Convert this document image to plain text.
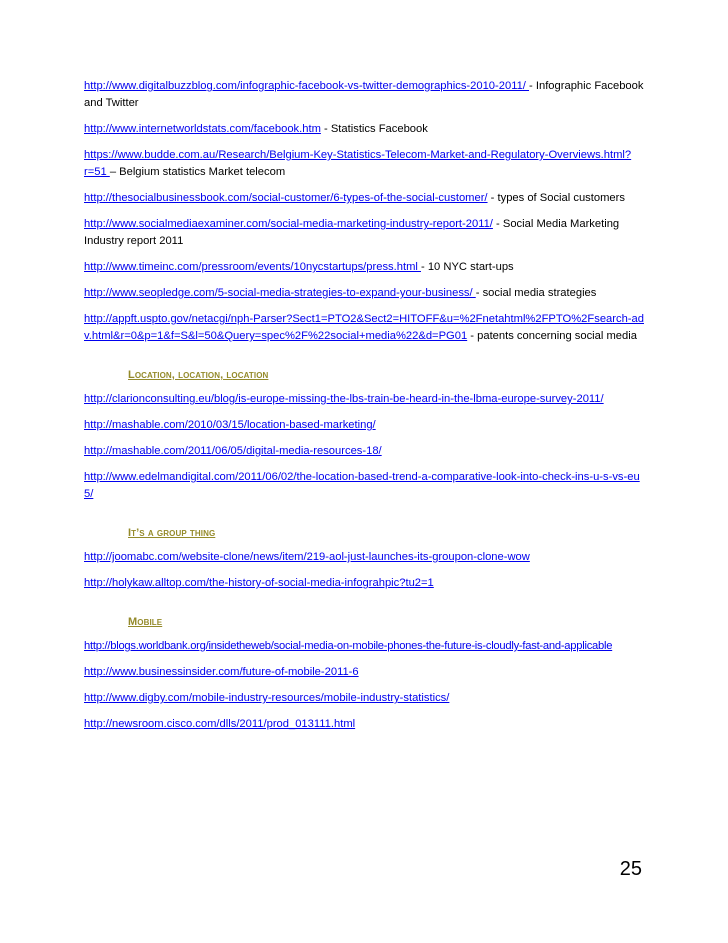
http://www.digitalbuzzblog.com/infographic-facebook-vs-twitter-demographics-2010-2011/ - Infographic Facebook and Twitter

http://www.internetworldstats.com/facebook.htm - Statistics Facebook

https://www.budde.com.au/Research/Belgium-Key-Statistics-Telecom-Market-and-Regulatory-Overviews.html?r=51 – Belgium statistics Market telecom

http://thesocialbusinessbook.com/social-customer/6-types-of-the-social-customer/ - types of Social customers

http://www.socialmediaexaminer.com/social-media-marketing-industry-report-2011/ - Social Media Marketing Industry report 2011

http://www.timeinc.com/pressroom/events/10nycstartups/press.html - 10 NYC start-ups

http://www.seopledge.com/5-social-media-strategies-to-expand-your-business/ - social media strategies

http://appft.uspto.gov/netacgi/nph-Parser?Sect1=PTO2&Sect2=HITOFF&u=%2Fnetahtml%2FPTO%2Fsearch-adv.html&r=0&p=1&f=S&l=50&Query=spec%2F%22social+media%22&d=PG01 - patents concerning social media

Location, location, location

http://clarionconsulting.eu/blog/is-europe-missing-the-lbs-train-be-heard-in-the-lbma-europe-survey-2011/

http://mashable.com/2010/03/15/location-based-marketing/

http://mashable.com/2011/06/05/digital-media-resources-18/

http://www.edelmandigital.com/2011/06/02/the-location-based-trend-a-comparative-look-into-check-ins-u-s-vs-eu5/

It’s a group thing

http://joomabc.com/website-clone/news/item/219-aol-just-launches-its-groupon-clone-wow

http://holykaw.alltop.com/the-history-of-social-media-infograhpic?tu2=1

Mobile

http://blogs.worldbank.org/insidetheweb/social-media-on-mobile-phones-the-future-is-cloudly-fast-and-applicable

http://www.businessinsider.com/future-of-mobile-2011-6

http://www.digby.com/mobile-industry-resources/mobile-industry-statistics/

http://newsroom.cisco.com/dlls/2011/prod_013111.html

25
